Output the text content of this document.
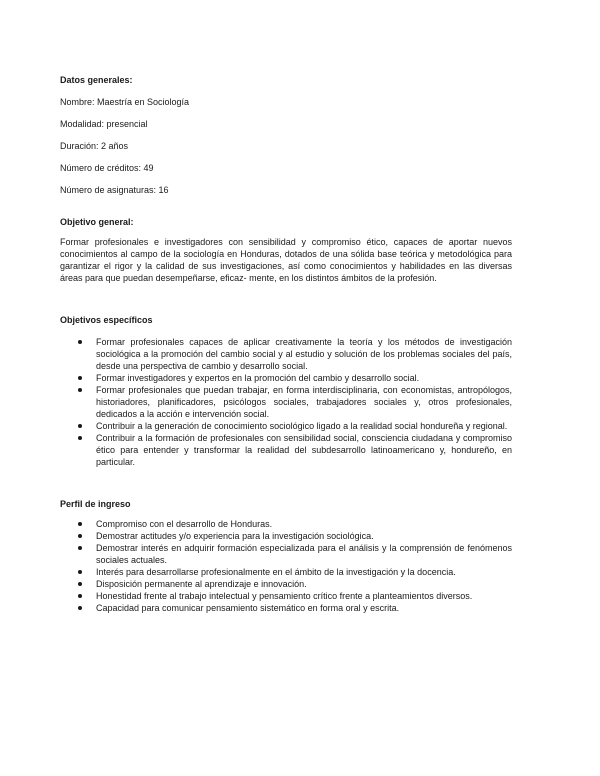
Datos generales:

Nombre: Maestría en Sociología

Modalidad: presencial

Duración: 2 años

Número de créditos: 49

Número de asignaturas: 16

Objetivo general:

Formar profesionales e investigadores con sensibilidad y compromiso ético, capaces de aportar nuevos conocimientos al campo de la sociología en Honduras, dotados de una sólida base teórica y metodológica para garantizar el rigor y la calidad de sus investigaciones, así como conocimientos y habilidades en las diversas áreas para que puedan desempeñarse, eficaz- mente, en los distintos ámbitos de la profesión.

Objetivos específicos

Formar profesionales capaces de aplicar creativamente la teoría y los métodos de investigación sociológica a la promoción del cambio social y al estudio y solución de los problemas sociales del país, desde una perspectiva de cambio y desarrollo social.
Formar investigadores y expertos en la promoción del cambio y desarrollo social.
Formar profesionales que puedan trabajar, en forma interdisciplinaria, con economistas, antropólogos, historiadores, planificadores, psicólogos sociales, trabajadores sociales y, otros profesionales, dedicados a la acción e intervención social.
Contribuir a la generación de conocimiento sociológico ligado a la realidad social hondureña y regional.
Contribuir a la formación de profesionales con sensibilidad social, consciencia ciudadana y compromiso ético para entender y transformar la realidad del subdesarrollo latinoamericano y, hondureño, en particular.

Perfil de ingreso

Compromiso con el desarrollo de Honduras.
Demostrar actitudes y/o experiencia para la investigación sociológica.
Demostrar interés en adquirir formación especializada para el análisis y la comprensión de fenómenos sociales actuales.
Interés para desarrollarse profesionalmente en el ámbito de la investigación y la docencia.
Disposición permanente al aprendizaje e innovación.
Honestidad frente al trabajo intelectual y pensamiento crítico frente a planteamientos diversos.
Capacidad para comunicar pensamiento sistemático en forma oral y escrita.
